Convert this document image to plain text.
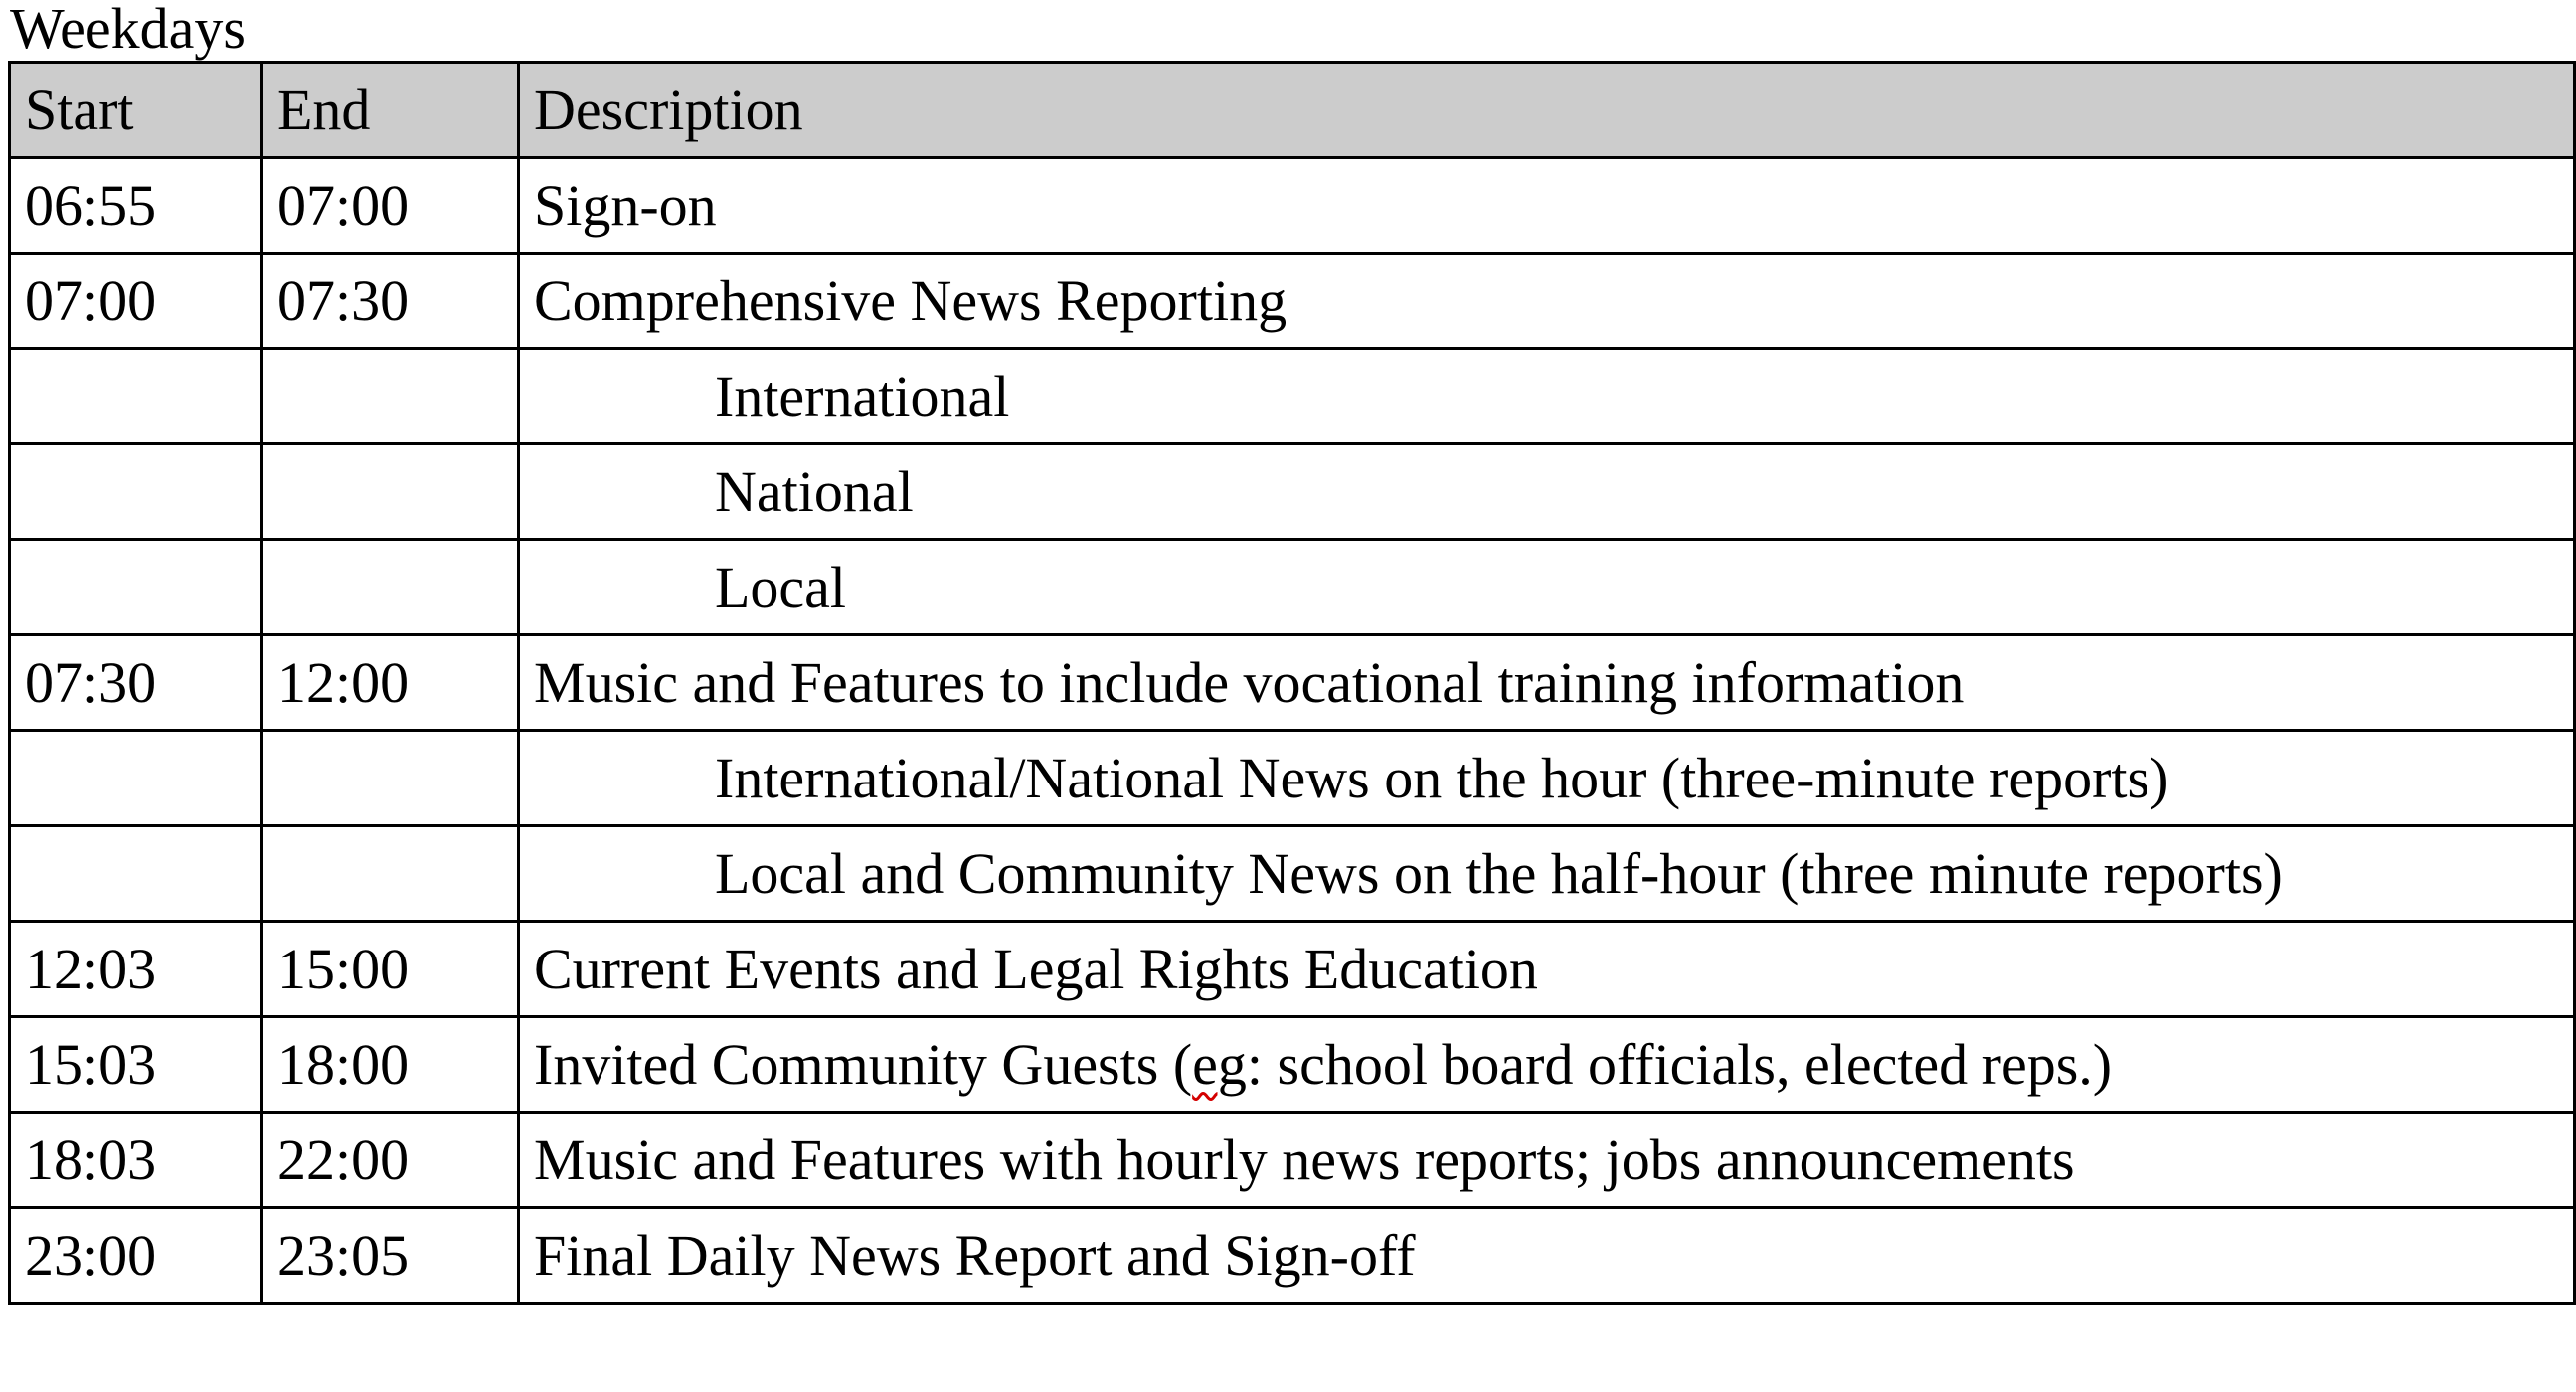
Weekdays
Start	End	Description
06:55	07:00	Sign-on
07:00	07:30	Comprehensive News Reporting
		International
		National
		Local
07:30	12:00	Music and Features to include vocational training information
		International/National News on the hour (three-minute reports)
		Local and Community News on the half-hour (three minute reports)
12:03	15:00	Current Events and Legal Rights Education
15:03	18:00	Invited Community Guests (eg: school board officials, elected reps.)
18:03	22:00	Music and Features with hourly news reports; jobs announcements
23:00	23:05	Final Daily News Report and Sign-off
